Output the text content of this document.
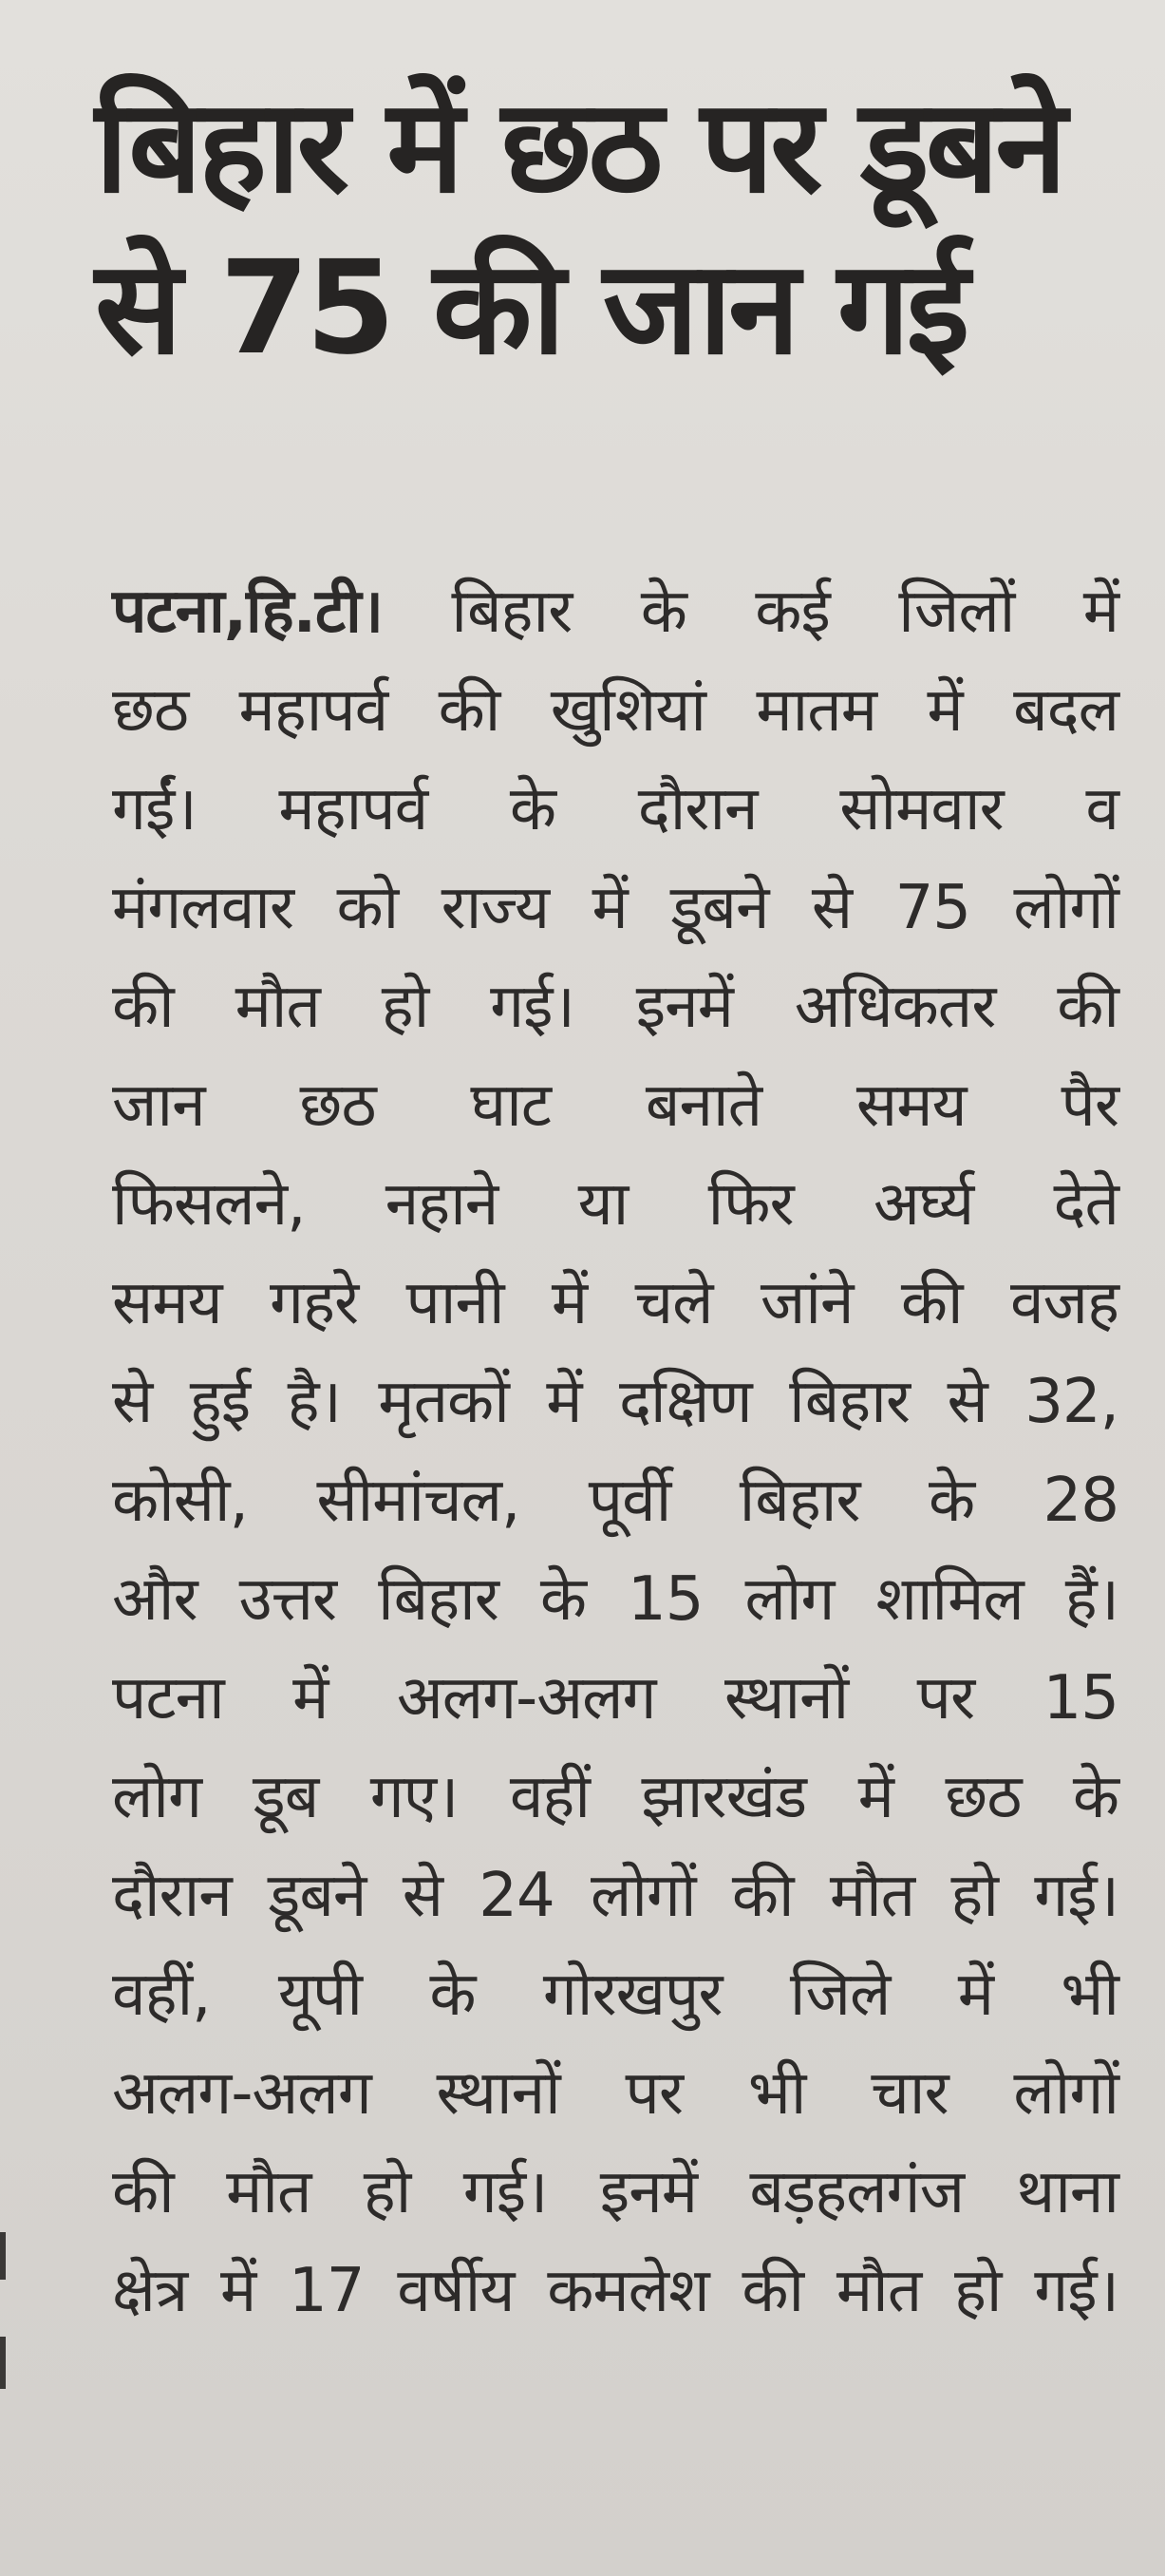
बिहार में छठ पर डूबने
से 75 की जान गई
पटना,हि.टी। बिहार के कई जिलों में
छठ महापर्व की खुशियां मातम में बदल
गईं। महापर्व के दौरान सोमवार व
मंगलवार को राज्य में डूबने से 75 लोगों
की मौत हो गई। इनमें अधिकतर की
जान छठ घाट बनाते समय पैर
फिसलने, नहाने या फिर अर्घ्य देते
समय गहरे पानी में चले जांने की वजह
से हुई है। मृतकों में दक्षिण बिहार से 32,
कोसी, सीमांचल, पूर्वी बिहार के 28
और उत्तर बिहार के 15 लोग शामिल हैं।
पटना में अलग-अलग स्थानों पर 15
लोग डूब गए। वहीं झारखंड में छठ के
दौरान डूबने से 24 लोगों की मौत हो गई।
वहीं, यूपी के गोरखपुर जिले में भी
अलग-अलग स्थानों पर भी चार लोगों
की मौत हो गई। इनमें बड़हलगंज थाना
क्षेत्र में 17 वर्षीय कमलेश की मौत हो गई।
